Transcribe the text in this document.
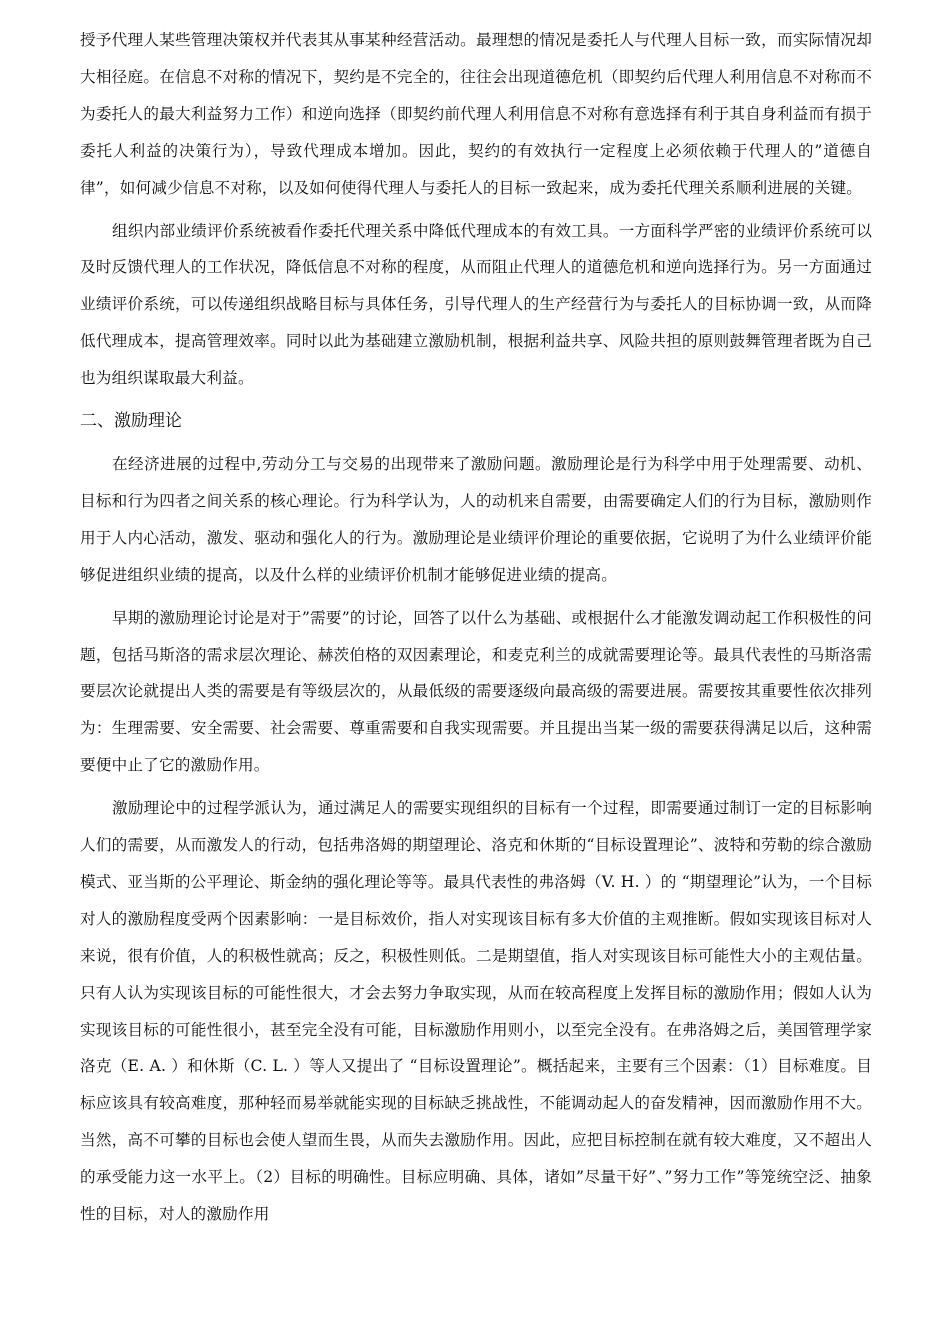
授予代理人某些管理决策权并代表其从事某种经营活动。最理想的情况是委托人与代理人目标一致，而实际情况却大相径庭。在信息不对称的情况下，契约是不完全的，往往会出现道德危机（即契约后代理人利用信息不对称而不为委托人的最大利益努力工作）和逆向选择（即契约前代理人利用信息不对称有意选择有利于其自身利益而有损于委托人利益的决策行为），导致代理成本增加。因此，契约的有效执行一定程度上必须依赖于代理人的”道德自律”，如何减少信息不对称，以及如何使得代理人与委托人的目标一致起来，成为委托代理关系顺利进展的关键。

组织内部业绩评价系统被看作委托代理关系中降低代理成本的有效工具。一方面科学严密的业绩评价系统可以及时反馈代理人的工作状况，降低信息不对称的程度，从而阻止代理人的道德危机和逆向选择行为。另一方面通过业绩评价系统，可以传递组织战略目标与具体任务，引导代理人的生产经营行为与委托人的目标协调一致，从而降低代理成本，提高管理效率。同时以此为基础建立激励机制，根据利益共享、风险共担的原则鼓舞管理者既为自己也为组织谋取最大利益。

二、激励理论

在经济进展的过程中,劳动分工与交易的出现带来了激励问题。激励理论是行为科学中用于处理需要、动机、目标和行为四者之间关系的核心理论。行为科学认为，人的动机来自需要，由需要确定人们的行为目标，激励则作用于人内心活动，激发、驱动和强化人的行为。激励理论是业绩评价理论的重要依据，它说明了为什么业绩评价能够促进组织业绩的提高，以及什么样的业绩评价机制才能够促进业绩的提高。

早期的激励理论讨论是对于”需要”的讨论，回答了以什么为基础、或根据什么才能激发调动起工作积极性的问题，包括马斯洛的需求层次理论、赫茨伯格的双因素理论，和麦克利兰的成就需要理论等。最具代表性的马斯洛需要层次论就提出人类的需要是有等级层次的，从最低级的需要逐级向最高级的需要进展。需要按其重要性依次排列为：生理需要、安全需要、社会需要、尊重需要和自我实现需要。并且提出当某一级的需要获得满足以后，这种需要便中止了它的激励作用。

激励理论中的过程学派认为，通过满足人的需要实现组织的目标有一个过程，即需要通过制订一定的目标影响人们的需要，从而激发人的行动，包括弗洛姆的期望理论、洛克和休斯的“目标设置理论”、波特和劳勒的综合激励模式、亚当斯的公平理论、斯金纳的强化理论等等。最具代表性的弗洛姆（V. H. ）的 “期望理论”认为，一个目标对人的激励程度受两个因素影响：一是目标效价，指人对实现该目标有多大价值的主观推断。假如实现该目标对人来说，很有价值，人的积极性就高；反之，积极性则低。二是期望值，指人对实现该目标可能性大小的主观估量。只有人认为实现该目标的可能性很大，才会去努力争取实现，从而在较高程度上发挥目标的激励作用；假如人认为实现该目标的可能性很小，甚至完全没有可能，目标激励作用则小，以至完全没有。在弗洛姆之后，美国管理学家洛克（E. A. ）和休斯（C. L. ）等人又提出了 “目标设置理论”。概括起来，主要有三个因素：（1）目标难度。目标应该具有较高难度，那种轻而易举就能实现的目标缺乏挑战性，不能调动起人的奋发精神，因而激励作用不大。当然，高不可攀的目标也会使人望而生畏，从而失去激励作用。因此，应把目标控制在就有较大难度，又不超出人的承受能力这一水平上。（2）目标的明确性。目标应明确、具体，诸如”尽量干好”、”努力工作”等笼统空泛、抽象性的目标，对人的激励作用
